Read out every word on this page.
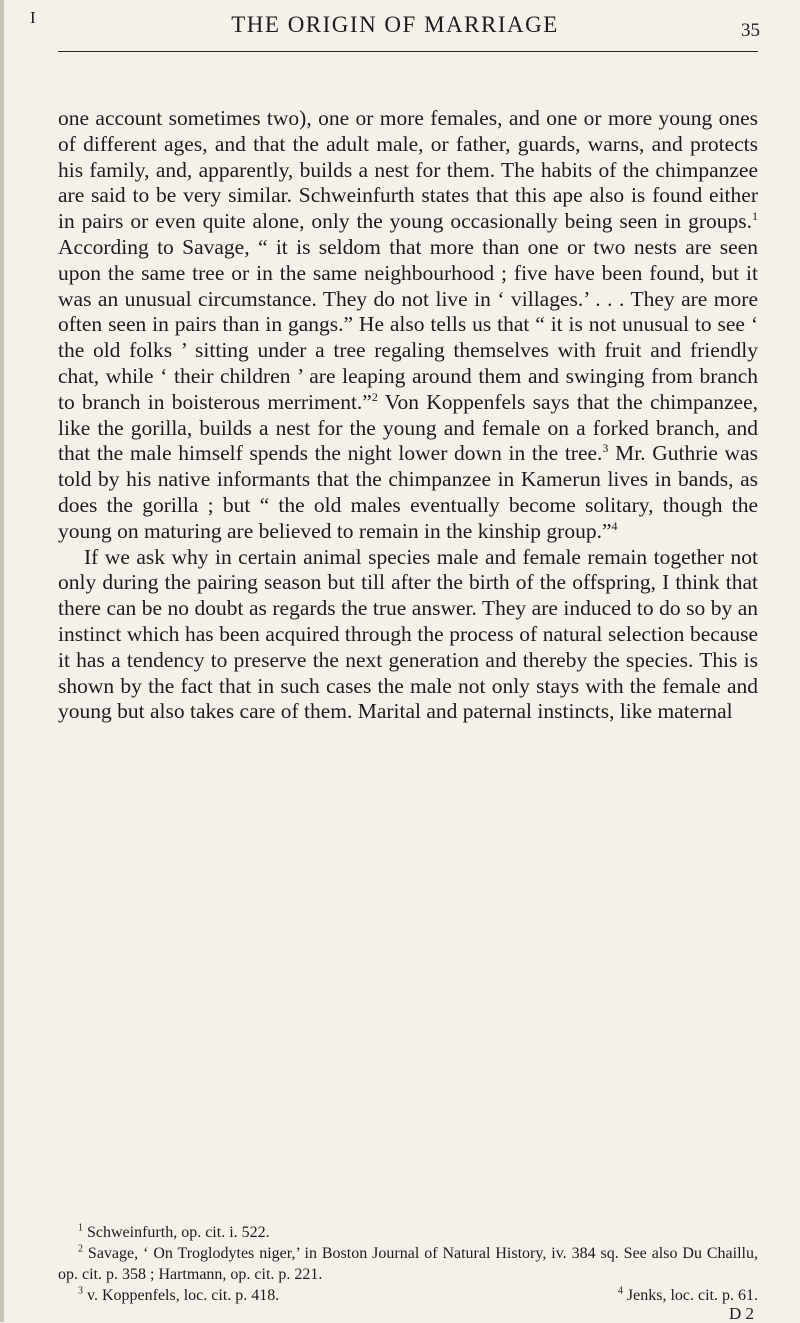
I	THE ORIGIN OF MARRIAGE	35

one account sometimes two), one or more females, and one or more young ones of different ages, and that the adult male, or father, guards, warns, and protects his family, and, apparently, builds a nest for them. The habits of the chimpanzee are said to be very similar. Schweinfurth states that this ape also is found either in pairs or even quite alone, only the young occasionally being seen in groups.$^1$ According to Savage, “ it is seldom that more than one or two nests are seen upon the same tree or in the same neighbourhood ; five have been found, but it was an unusual circumstance. They do not live in ‘ villages.’ . . . They are more often seen in pairs than in gangs.” He also tells us that “ it is not unusual to see ‘ the old folks ’ sitting under a tree regaling themselves with fruit and friendly chat, while ‘ their children ’ are leaping around them and swinging from branch to branch in boisterous merriment.”$^2$ Von Koppenfels says that the chimpanzee, like the gorilla, builds a nest for the young and female on a forked branch, and that the male himself spends the night lower down in the tree.$^3$ Mr. Guthrie was told by his native informants that the chimpanzee in Kamerun lives in bands, as does the gorilla ; but “ the old males eventually become solitary, though the young on maturing are believed to remain in the kinship group.”$^4$

If we ask why in certain animal species male and female remain together not only during the pairing season but till after the birth of the offspring, I think that there can be no doubt as regards the true answer. They are induced to do so by an instinct which has been acquired through the process of natural selection because it has a tendency to preserve the next generation and thereby the species. This is shown by the fact that in such cases the male not only stays with the female and young but also takes care of them. Marital and paternal instincts, like maternal

$^1$ Schweinfurth, op. cit. i. 522.

$^2$ Savage, ‘ On Troglodytes niger,’ in Boston Journal of Natural History, iv. 384 sq. See also Du Chaillu, op. cit. p. 358 ; Hartmann, op. cit. p. 221.

$^3$ v. Koppenfels, loc. cit. p. 418.	$^4$ Jenks, loc. cit. p. 61.
D 2
